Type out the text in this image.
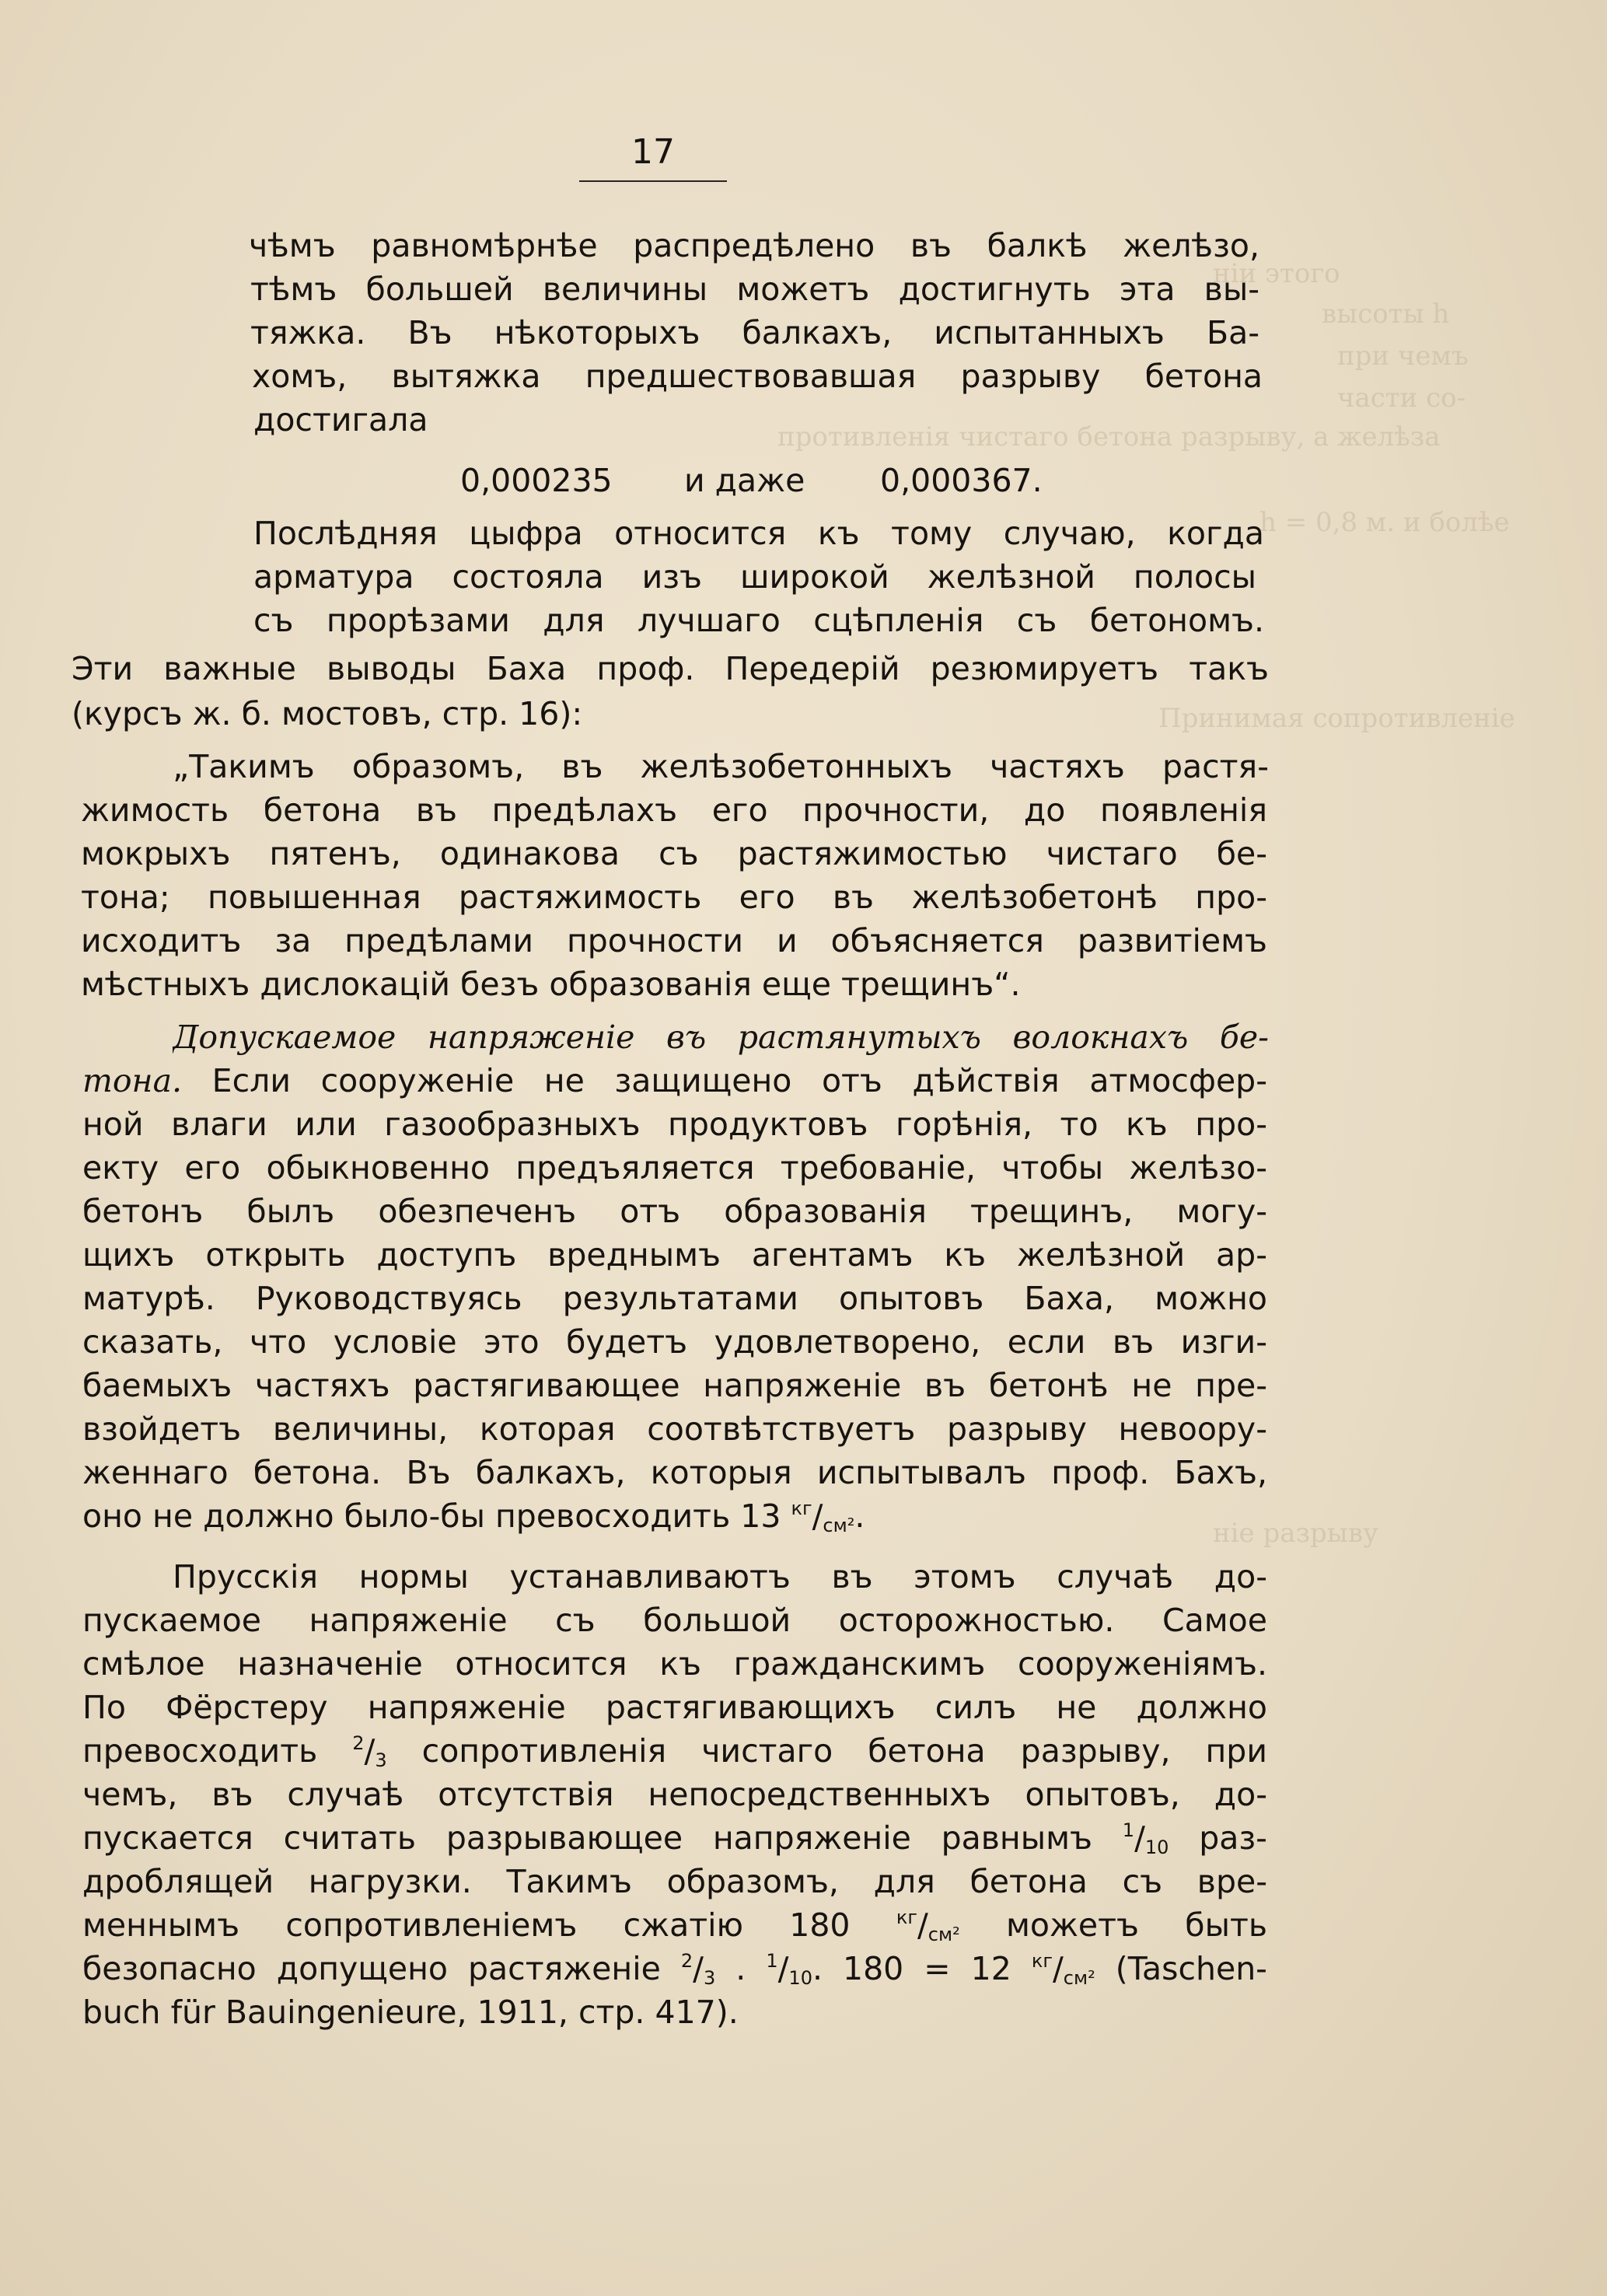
ніи этого
высоты h
при чемъ
части со-
противленія чистаго бетона разрыву, а желѣза
h = 0,8 м. и болѣе
Принимая сопротивленіе
ніе разрыву
17
чѣмъ равномѣрнѣе распредѣлено въ балкѣ желѣзо,
тѣмъ большей величины можетъ достигнуть эта вы-
тяжка. Въ нѣкоторыхъ балкахъ, испытанныхъ Ба-
хомъ, вытяжка предшествовавшая разрыву бетона
достигала
0,000235 и даже 0,000367.
Послѣдняя цыфра относится къ тому случаю, когда
арматура состояла изъ широкой желѣзной полосы
съ прорѣзами для лучшаго сцѣпленія съ бетономъ.
Эти важные выводы Баха проф. Передерій резюмируетъ такъ
(курсъ ж. б. мостовъ, стр. 16):
„Такимъ образомъ, въ желѣзобетонныхъ частяхъ растя-
жимость бетона въ предѣлахъ его прочности, до появленія
мокрыхъ пятенъ, одинакова съ растяжимостью чистаго бе-
тона; повышенная растяжимость его въ желѣзобетонѣ про-
исходитъ за предѣлами прочности и объясняется развитіемъ
мѣстныхъ дислокацій безъ образованія еще трещинъ“.
Допускаемое напряженіе въ растянутыхъ волокнахъ бе-
тона. Если сооруженіе не защищено отъ дѣйствія атмосфер-
ной влаги или газообразныхъ продуктовъ горѣнія, то къ про-
екту его обыкновенно предъяляется требованіе, чтобы желѣзо-
бетонъ былъ обезпеченъ отъ образованія трещинъ, могу-
щихъ открыть доступъ вреднымъ агентамъ къ желѣзной ар-
матурѣ. Руководствуясь результатами опытовъ Баха, можно
сказать, что условіе это будетъ удовлетворено, если въ изги-
баемыхъ частяхъ растягивающее напряженіе въ бетонѣ не пре-
взойдетъ величины, которая соотвѣтствуетъ разрыву невоору-
женнаго бетона. Въ балкахъ, которыя испытывалъ проф. Бахъ,
оно не должно было-бы превосходить 13 $^{кг}/_{см^2}$.
Прусскія нормы устанавливаютъ въ этомъ случаѣ до-
пускаемое напряженіе съ большой осторожностью. Самое
смѣлое назначеніе относится къ гражданскимъ сооруженіямъ.
По Фёрстеру напряженіе растягивающихъ силъ не должно
превосходить $^2/_3$ сопротивленія чистаго бетона разрыву, при
чемъ, въ случаѣ отсутствія непосредственныхъ опытовъ, до-
пускается считать разрывающее напряженіе равнымъ $^1/_{10}$ раз-
дроблящей нагрузки. Такимъ образомъ, для бетона съ вре-
меннымъ сопротивленіемъ сжатію 180 $^{кг}/_{см^2}$ можетъ быть
безопасно допущено растяженіе $^2/_3$ . $^1/_{10}$. 180 = 12 $^{кг}/_{см^2}$ (Taschen-
buch für Bauingenieure, 1911, стр. 417).
